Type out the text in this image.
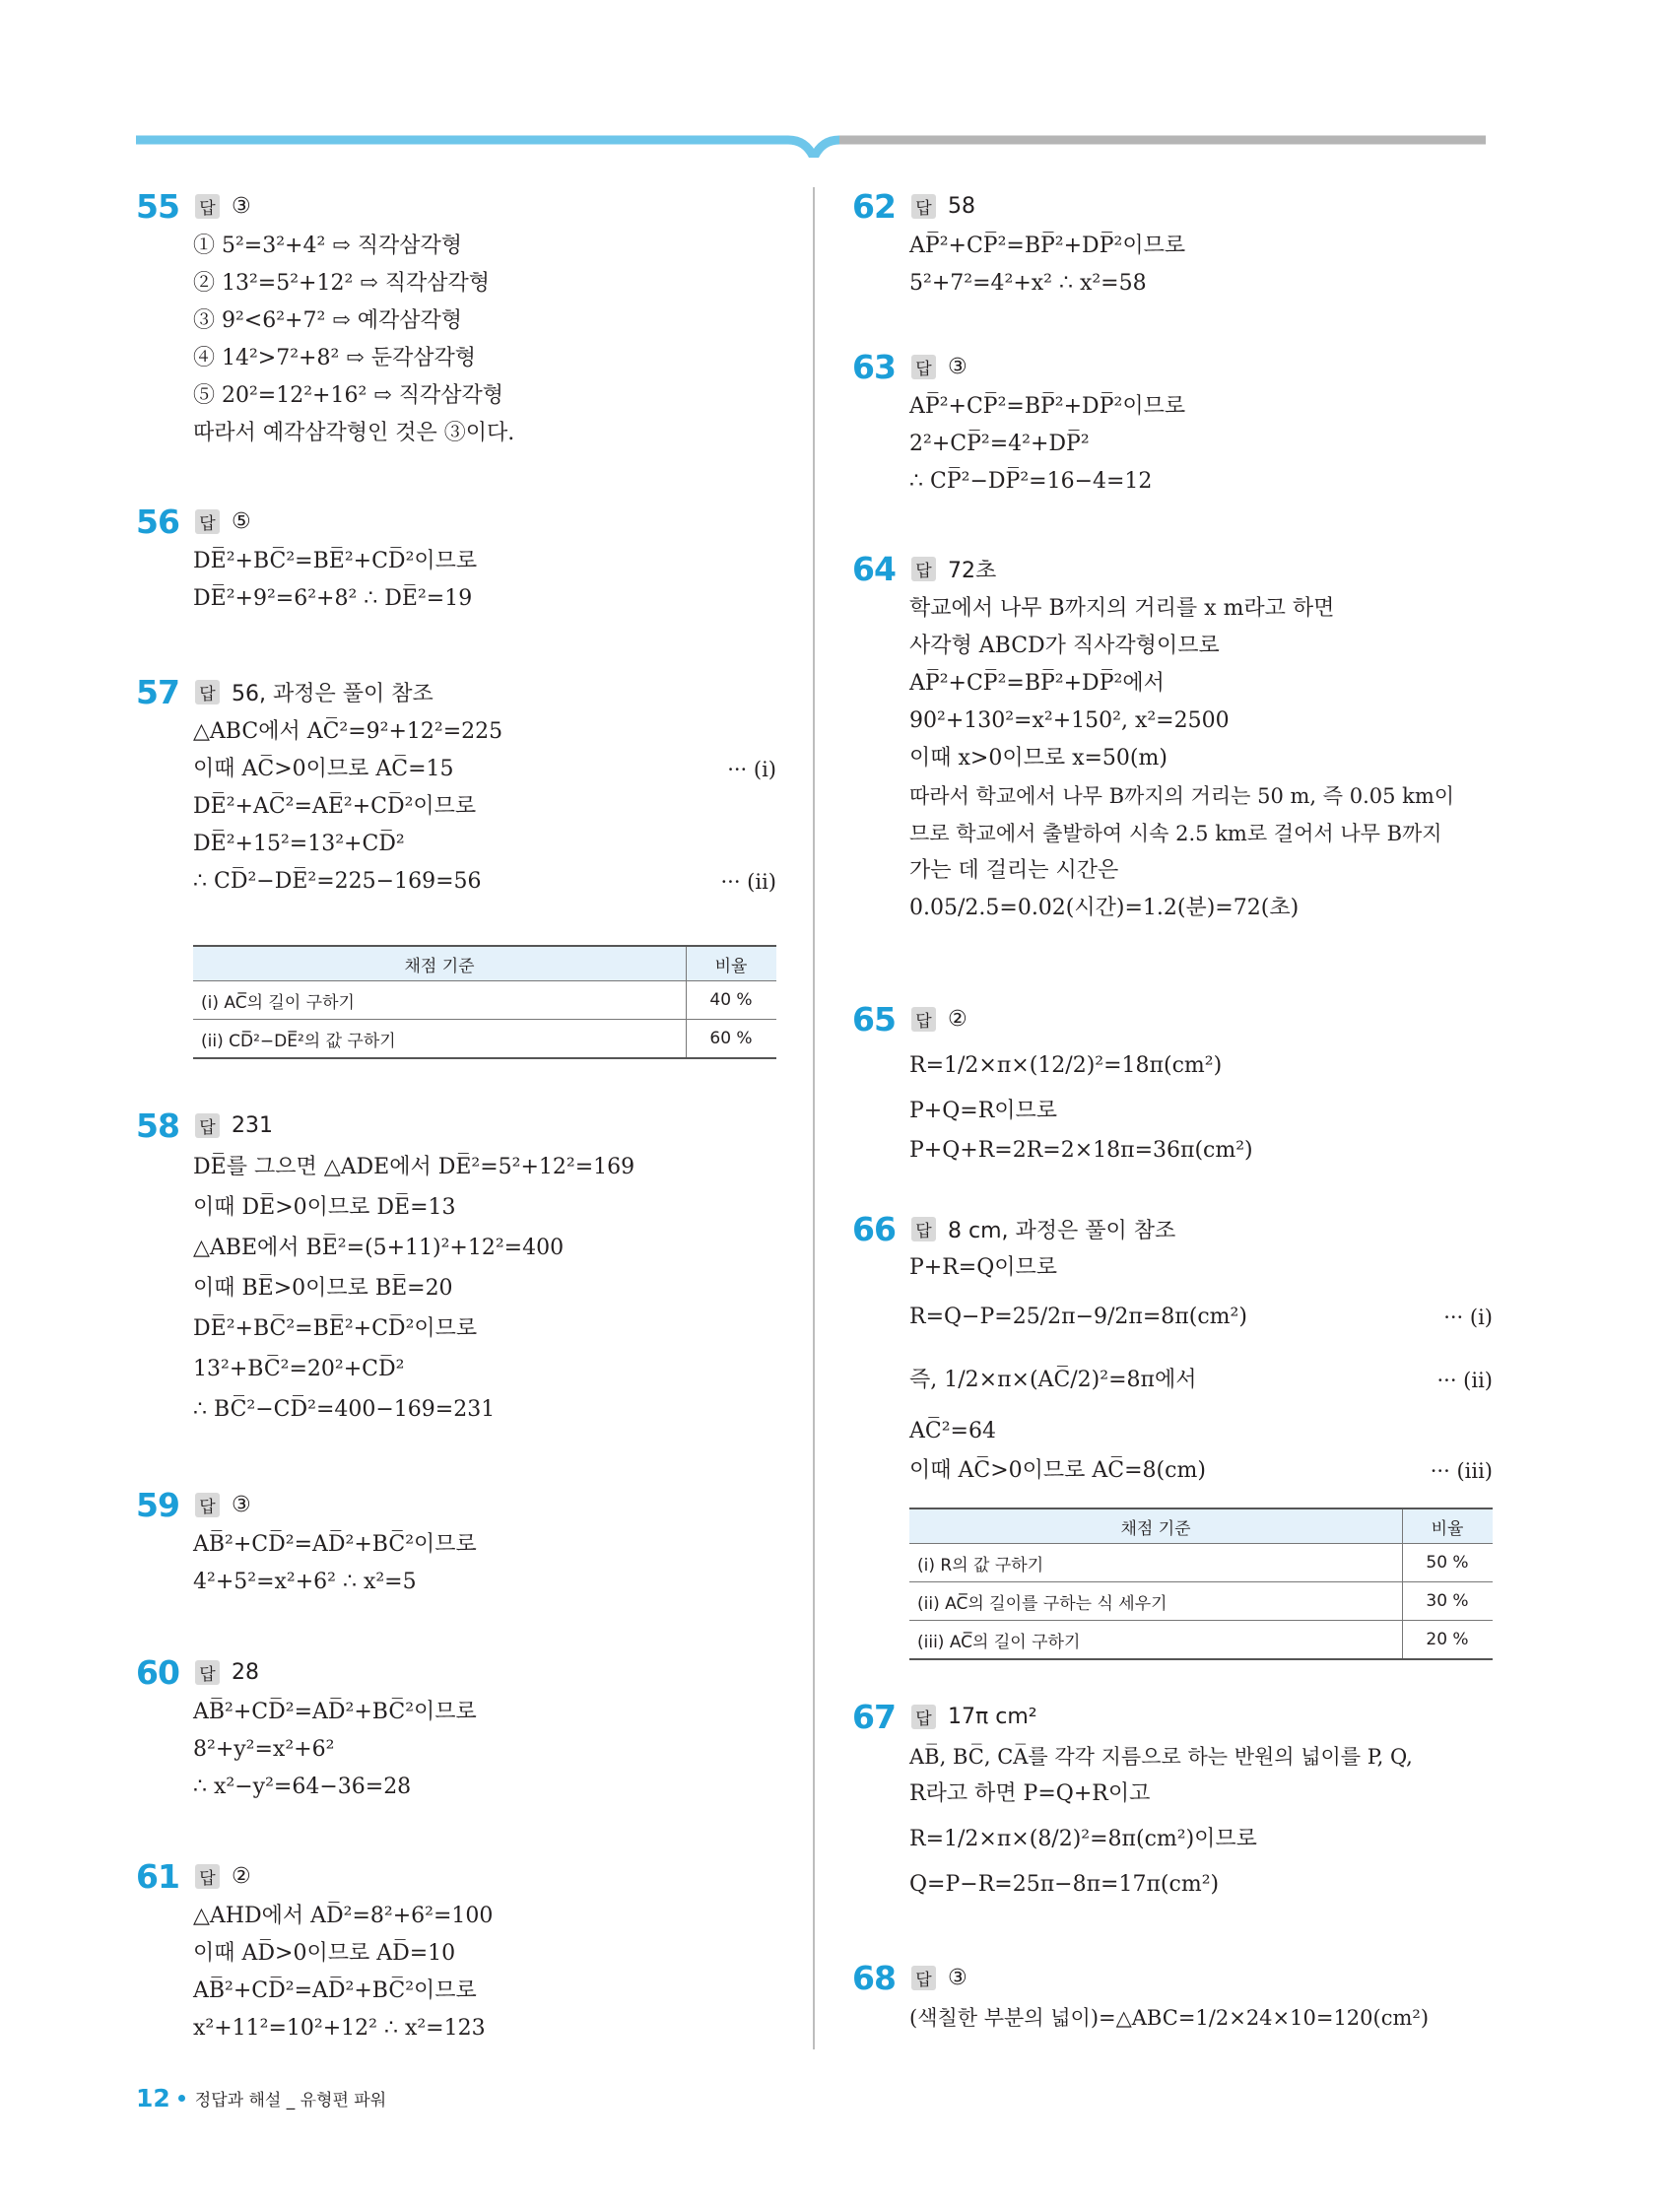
55	답 ③
① 5²=3²+4² ⇨ 직각삼각형
② 13²=5²+12² ⇨ 직각삼각형
③ 9²<6²+7² ⇨ 예각삼각형
④ 14²>7²+8² ⇨ 둔각삼각형
⑤ 20²=12²+16² ⇨ 직각삼각형
따라서 예각삼각형인 것은 ③이다.
56	답 ⑤
DE̅²+BC̅²=BE̅²+CD̅²이므로
DE̅²+9²=6²+8² ∴ DE̅²=19
57	답 56, 과정은 풀이 참조
△ABC에서 AC̅²=9²+12²=225
이때 AC̅>0이므로 AC̅=15	··· (i)
DE̅²+AC̅²=AE̅²+CD̅²이므로
DE̅²+15²=13²+CD̅²
∴ CD̅²−DE̅²=225−169=56	··· (ii)
채점 기준	비율
(i) AC̅의 길이 구하기	40 %
(ii) CD̅²−DE̅²의 값 구하기	60 %
58	답 231
DE̅를 그으면 △ADE에서 DE̅²=5²+12²=169
이때 DE̅>0이므로 DE̅=13
△ABE에서 BE̅²=(5+11)²+12²=400
이때 BE̅>0이므로 BE̅=20
DE̅²+BC̅²=BE̅²+CD̅²이므로
13²+BC̅²=20²+CD̅²
∴ BC̅²−CD̅²=400−169=231
59	답 ③
AB̅²+CD̅²=AD̅²+BC̅²이므로
4²+5²=x²+6² ∴ x²=5
60	답 28
AB̅²+CD̅²=AD̅²+BC̅²이므로
8²+y²=x²+6²
∴ x²−y²=64−36=28
61	답 ②
△AHD에서 AD̅²=8²+6²=100
이때 AD̅>0이므로 AD̅=10
AB̅²+CD̅²=AD̅²+BC̅²이므로
x²+11²=10²+12² ∴ x²=123
62	답 58
AP̅²+CP̅²=BP̅²+DP̅²이므로
5²+7²=4²+x² ∴ x²=58
63	답 ③
AP̅²+CP̅²=BP̅²+DP̅²이므로
2²+CP̅²=4²+DP̅²
∴ CP̅²−DP̅²=16−4=12
64	답 72초
학교에서 나무 B까지의 거리를 x m라고 하면
사각형 ABCD가 직사각형이므로
AP̅²+CP̅²=BP̅²+DP̅²에서
90²+130²=x²+150², x²=2500
이때 x>0이므로 x=50(m)
따라서 학교에서 나무 B까지의 거리는 50 m, 즉 0.05 km이
므로 학교에서 출발하여 시속 2.5 km로 걸어서 나무 B까지
가는 데 걸리는 시간은
0.05/2.5=0.02(시간)=1.2(분)=72(초)
65	답 ②
R=1/2×π×(12/2)²=18π(cm²)
P+Q=R이므로
P+Q+R=2R=2×18π=36π(cm²)
66	답 8 cm, 과정은 풀이 참조
P+R=Q이므로
R=Q−P=25/2π−9/2π=8π(cm²)	··· (i)
즉, 1/2×π×(AC̅/2)²=8π에서	··· (ii)
AC̅²=64
이때 AC̅>0이므로 AC̅=8(cm)	··· (iii)
채점 기준	비율
(i) R의 값 구하기	50 %
(ii) AC̅의 길이를 구하는 식 세우기	30 %
(iii) AC̅의 길이 구하기	20 %
67	답 17π cm²
AB̅, BC̅, CA̅를 각각 지름으로 하는 반원의 넓이를 P, Q,
R라고 하면 P=Q+R이고
R=1/2×π×(8/2)²=8π(cm²)이므로
Q=P−R=25π−8π=17π(cm²)
68	답 ③
(색칠한 부분의 넓이)=△ABC=1/2×24×10=120(cm²)
12 정답과 해설 _ 유형편 파워
